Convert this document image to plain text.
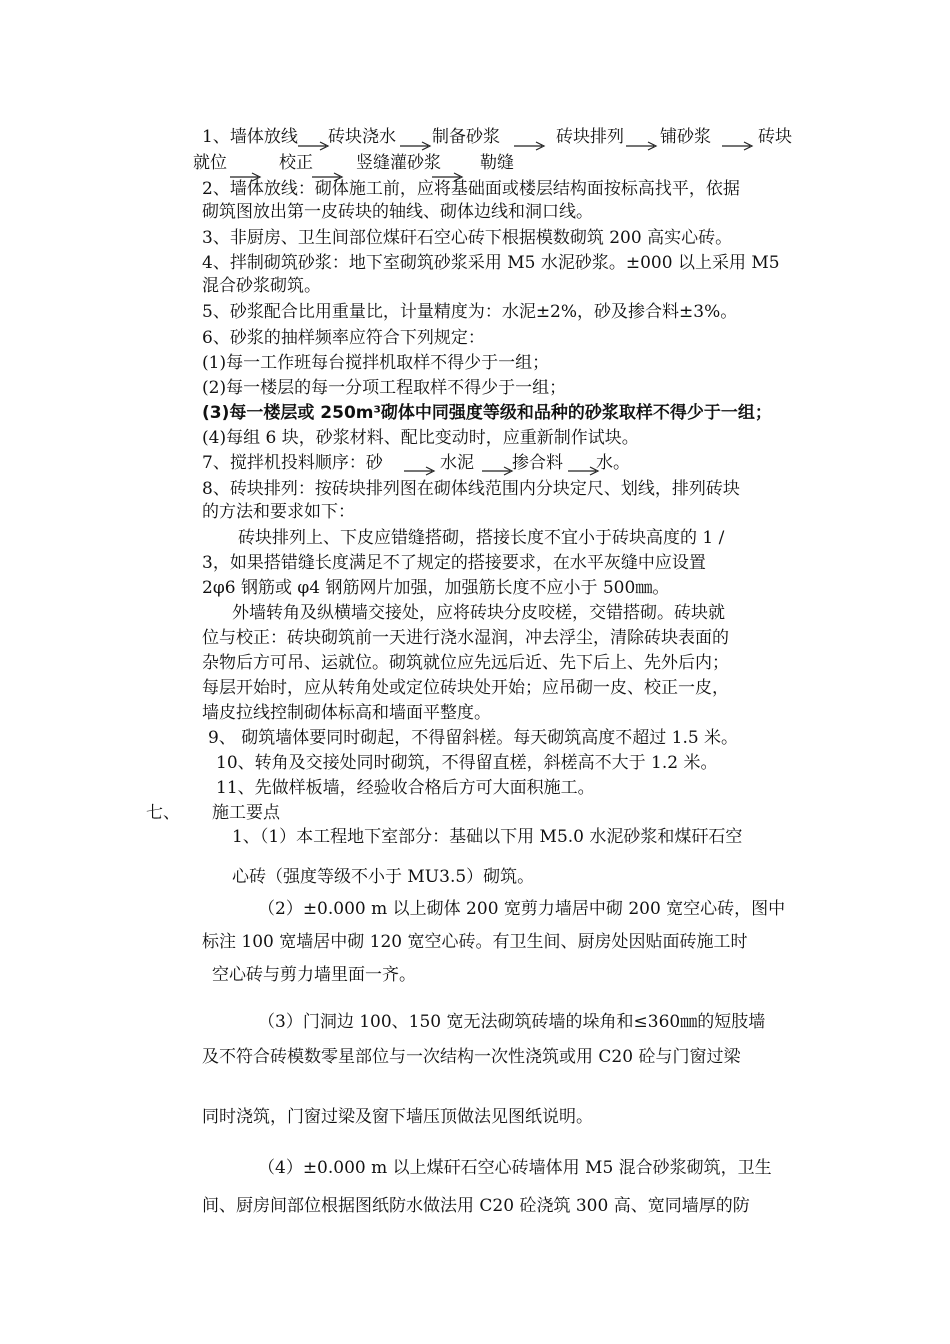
1、墙体放线 砖块浇水 制备砂浆	砖块排列 铺砂浆	砖块
就位	校正	竖缝灌砂浆 勒缝
2、墙体放线：砌体施工前，应将基础面或楼层结构面按标高找平，依据
砌筑图放出第一皮砖块的轴线、砌体边线和洞口线。
3、非厨房、卫生间部位煤矸石空心砖下根据模数砌筑 200 高实心砖。
4、拌制砌筑砂浆：地下室砌筑砂浆采用 M5 水泥砂浆。±000 以上采用 M5
混合砂浆砌筑。
5、砂浆配合比用重量比，计量精度为：水泥±2%，砂及掺合料±3%。
6、砂浆的抽样频率应符合下列规定：
(1)每一工作班每台搅拌机取样不得少于一组；
(2)每一楼层的每一分项工程取样不得少于一组；
(3)每一楼层或 250m³砌体中同强度等级和品种的砂浆取样不得少于一组；
(4)每组 6 块，砂浆材料、配比变动时，应重新制作试块。
7、搅拌机投料顺序：砂	水泥 掺合料 水。
8、砖块排列：按砖块排列图在砌体线范围内分块定尺、划线，排列砖块
的方法和要求如下：
砖块排列上、下皮应错缝搭砌，搭接长度不宜小于砖块高度的 1 /
3，如果搭错缝长度满足不了规定的搭接要求，在水平灰缝中应设置
2φ6 钢筋或 φ4 钢筋网片加强，加强筋长度不应小于 500㎜。
外墙转角及纵横墙交接处，应将砖块分皮咬槎，交错搭砌。砖块就
位与校正：砖块砌筑前一天进行浇水湿润，冲去浮尘，清除砖块表面的
杂物后方可吊、运就位。砌筑就位应先远后近、先下后上、先外后内；
每层开始时，应从转角处或定位砖块处开始；应吊砌一皮、校正一皮，
墙皮拉线控制砌体标高和墙面平整度。
9、 砌筑墙体要同时砌起，不得留斜槎。每天砌筑高度不超过 1.5 米。
10、转角及交接处同时砌筑，不得留直槎，斜槎高不大于 1.2 米。
11、先做样板墙，经验收合格后方可大面积施工。
七、 施工要点
1、（1）本工程地下室部分：基础以下用 M5.0 水泥砂浆和煤矸石空
心砖（强度等级不小于 MU3.5）砌筑。
（2）±0.000 m 以上砌体 200 宽剪力墙居中砌 200 宽空心砖，图中
标注 100 宽墙居中砌 120 宽空心砖。有卫生间、厨房处因贴面砖施工时
空心砖与剪力墙里面一齐。
（3）门洞边 100、150 宽无法砌筑砖墙的垛角和≤360㎜的短肢墙
及不符合砖模数零星部位与一次结构一次性浇筑或用 C20 砼与门窗过梁
同时浇筑，门窗过梁及窗下墙压顶做法见图纸说明。
（4）±0.000 m 以上煤矸石空心砖墙体用 M5 混合砂浆砌筑，卫生
间、厨房间部位根据图纸防水做法用 C20 砼浇筑 300 高、宽同墙厚的防
